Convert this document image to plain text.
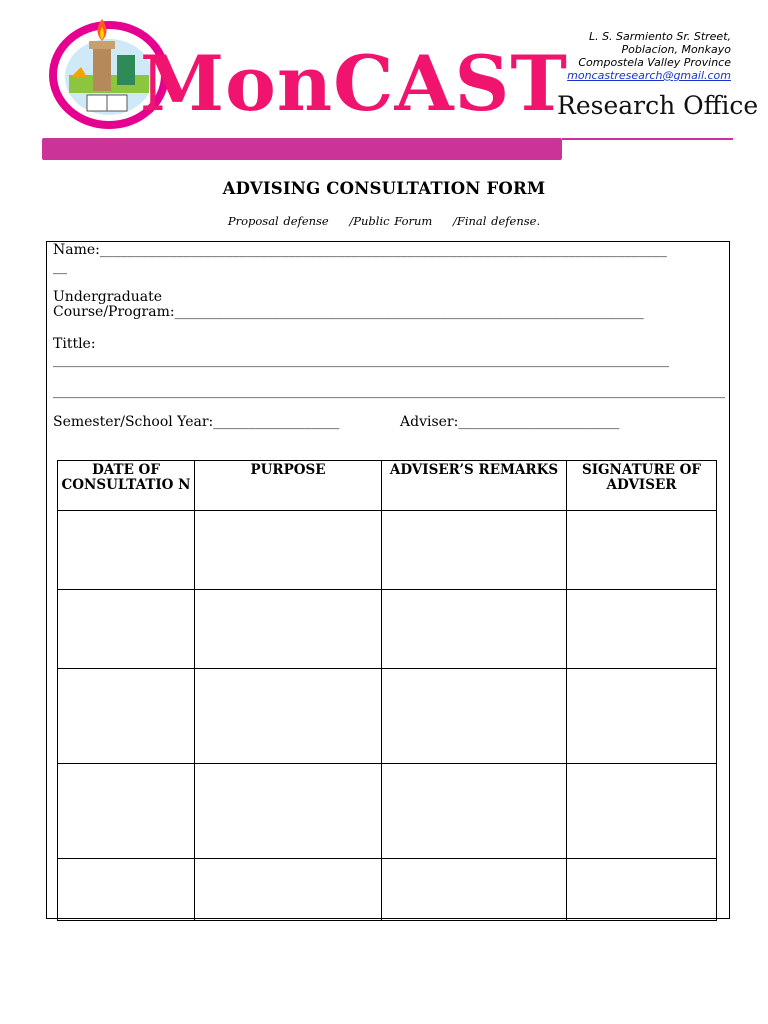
MonCAST
Research Office
L. S. Sarmiento Sr. Street,
Poblacion, Monkayo
Compostela Valley Province
moncastresearch@gmail.com
ADVISING CONSULTATION FORM
Proposal defense /Public Forum /Final defense.
Name:_________________________________________________________________________________
__
Undergraduate
Course/Program:___________________________________________________________________
Tittle:
________________________________________________________________________________________
________________________________________________________________________________________________
Semester/School Year:__________________	Adviser:_______________________
DATE OF CONSULTATIO N	PURPOSE	ADVISER’S REMARKS	SIGNATURE OF ADVISER
